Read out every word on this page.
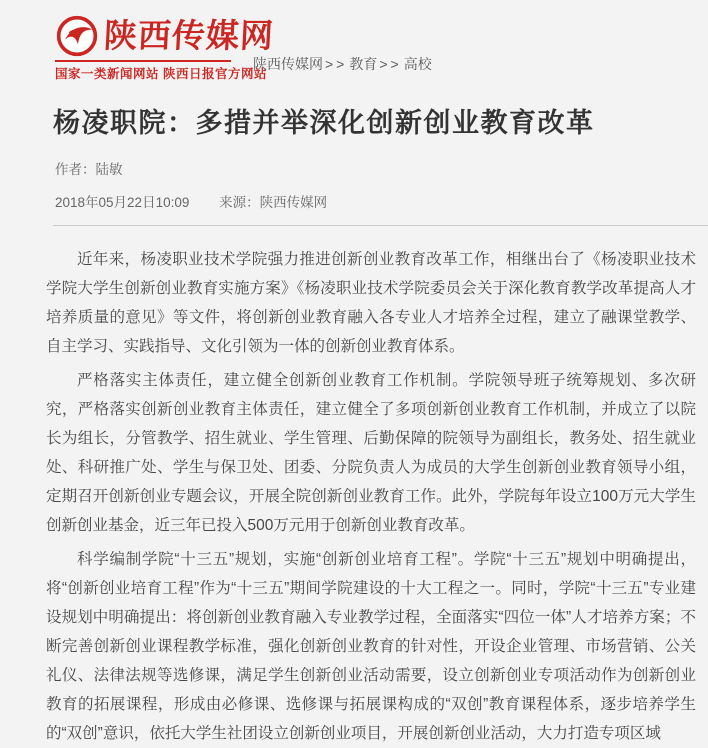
陕西传媒网
国家一类新闻网站 陕西日报官方网站
陕西传媒网 >> 教育 >> 高校
杨凌职院：多措并举深化创新创业教育改革
作者：陆敏
2018年05月22日10:09 来源：陕西传媒网

近年来，杨凌职业技术学院强力推进创新创业教育改革工作，相继出台了《杨凌职业技术学院大学生创新创业教育实施方案》《杨凌职业技术学院委员会关于深化教育教学改革提高人才培养质量的意见》等文件，将创新创业教育融入各专业人才培养全过程，建立了融课堂教学、自主学习、实践指导、文化引领为一体的创新创业教育体系。

严格落实主体责任，建立健全创新创业教育工作机制。学院领导班子统筹规划、多次研究，严格落实创新创业教育主体责任，建立健全了多项创新创业教育工作机制，并成立了以院长为组长，分管教学、招生就业、学生管理、后勤保障的院领导为副组长，教务处、招生就业处、科研推广处、学生与保卫处、团委、分院负责人为成员的大学生创新创业教育领导小组，定期召开创新创业专题会议，开展全院创新创业教育工作。此外，学院每年设立100万元大学生创新创业基金，近三年已投入500万元用于创新创业教育改革。

科学编制学院“十三五”规划，实施“创新创业培育工程”。学院“十三五”规划中明确提出，将“创新创业培育工程”作为“十三五”期间学院建设的十大工程之一。同时，学院“十三五”专业建设规划中明确提出：将创新创业教育融入专业教学过程，全面落实“四位一体”人才培养方案；不断完善创新创业课程教学标准，强化创新创业教育的针对性，开设企业管理、市场营销、公关礼仪、法律法规等选修课，满足学生创新创业活动需要，设立创新创业专项活动作为创新创业教育的拓展课程，形成由必修课、选修课与拓展课构成的“双创”教育课程体系，逐步培养学生的“双创”意识，依托大学生社团设立创新创业项目，开展创新创业活动，大力打造专项区域
